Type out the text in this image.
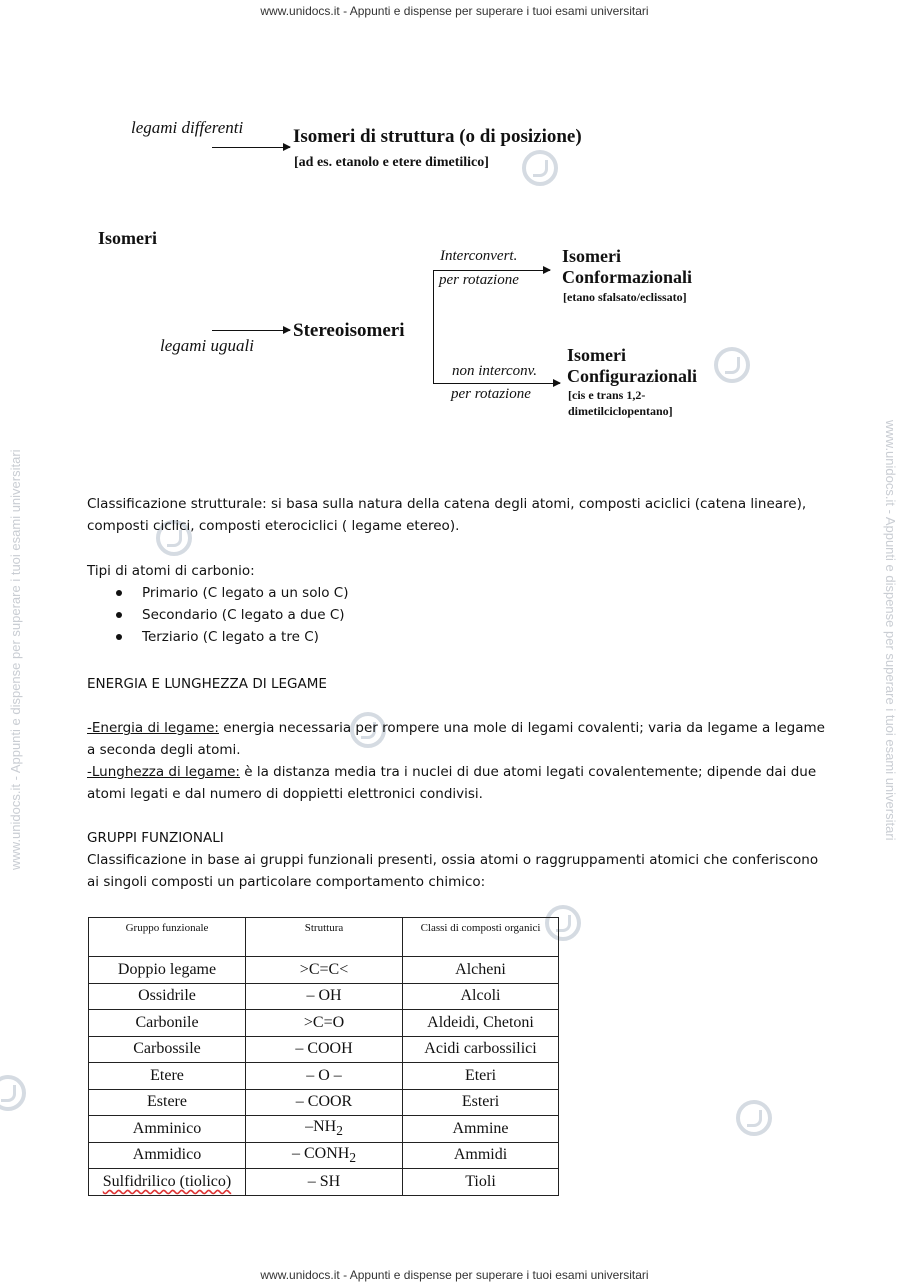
www.unidocs.it - Appunti e dispense per superare i tuoi esami universitari
www.unidocs.it - Appunti e dispense per superare i tuoi esami universitari
www.unidocs.it - Appunti e dispense per superare i tuoi esami universitari	www.unidocs.it - Appunti e dispense per superare i tuoi esami universitari
legami differenti	Isomeri di struttura (o di posizione)
[ad es. etanolo e etere dimetilico]
Isomeri
legami uguali
Stereoisomeri
Interconvert.
per rotazione
Isomeri
Conformazionali
[etano sfalsato/eclissato]
non interconv.
per rotazione
Isomeri
Configurazionali
[cis e trans 1,2-
dimetilciclopentano]

Classificazione strutturale: si basa sulla natura della catena degli atomi, composti aciclici (catena lineare), composti ciclici, composti eterociclici ( legame etereo).

Tipi di atomi di carbonio:

Primario (C legato a un solo C)
Secondario (C legato a due C)
Terziario (C legato a tre C)

ENERGIA E LUNGHEZZA DI LEGAME

-Energia di legame: energia necessaria per rompere una mole di legami covalenti; varia da legame a legame a seconda degli atomi.

-Lunghezza di legame: è la distanza media tra i nuclei di due atomi legati covalentemente; dipende dai due atomi legati e dal numero di doppietti elettronici condivisi.

GRUPPI FUNZIONALI

Classificazione in base ai gruppi funzionali presenti, ossia atomi o raggruppamenti atomici che conferiscono ai singoli composti un particolare comportamento chimico:

Gruppo funzionale	Struttura	Classi di composti organici
Doppio legame	>C=C<	Alcheni
Ossidrile	– OH	Alcoli
Carbonile	>C=O	Aldeidi, Chetoni
Carbossile	– COOH	Acidi carbossilici
Etere	– O –	Eteri
Estere	– COOR	Esteri
Amminico	$-NH_2$	Ammine
Ammidico	– $CONH_2$	Ammidi
Sulfidrilico (tiolico)	– SH	Tioli
